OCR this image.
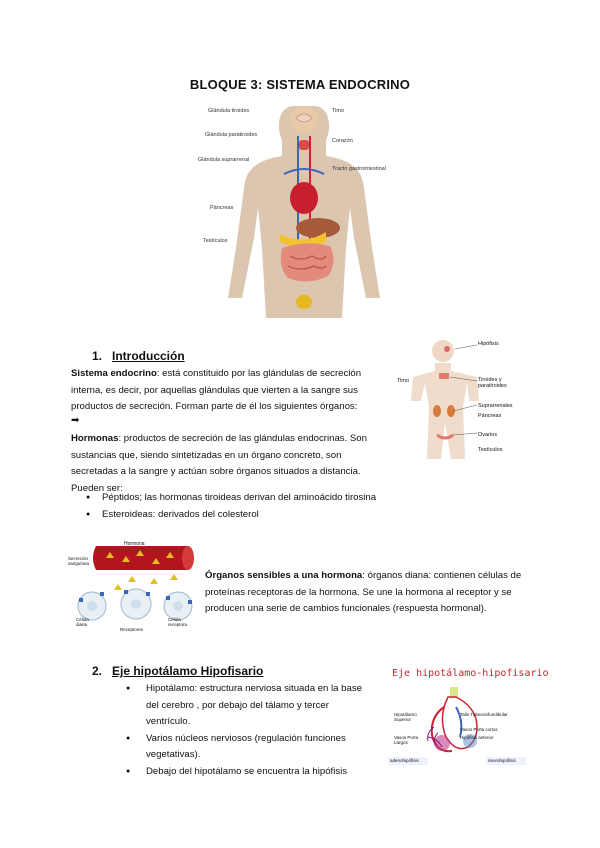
BLOQUE 3: SISTEMA ENDOCRINO
Glándula tiroides
Glándula paratiroides
Glándula suprarrenal
Páncreas
Testículos
Timo
Corazón
Tracto gastrointestinal
1. Introducción
Sistema endocrino: está constituido por las glándulas de secreción interna, es decir, por aquellas glándulas que vierten a la sangre sus productos de secreción. Forman parte de él los siguientes órganos:
➡
Hipófisis
Timo	Tiroides y paratiroides
Suprarrenales
Páncreas
Ovarios
Testículos
Hormonas: productos de secreción de las glándulas endocrinas. Son sustancias que, siendo sintetizadas en un órgano concreto, son secretadas a la sangre y actúan sobre órganos situados a distancia. Pueden ser:
● Péptidos; las hormonas tiroideas derivan del aminoácido tirosina
● Esteroideas: derivados del colesterol
Hormona
Secreción sanguínea
Célula diana
Receptores
Célula receptora
Órganos sensibles a una hormona: órganos diana: contienen células de proteínas receptoras de la hormona. Se une la hormona al receptor y se producen una serie de cambios funcionales (respuesta hormonal).
2. Eje hipotálamo Hipofisario
● Hipotálamo: estructura nerviosa situada en la base del cerebro , por debajo del tálamo y tercer ventrículo.
● Varios núcleos nerviosos (regulación funciones vegetativas).
● Debajo del hipotálamo se encuentra la hipófisis
Eje hipotálamo-hipofisario
Hipotálamo Superior
Vasos Porta Largos
Tallo Tuberoinfundibular
Vasos Porta cortos
Hipófisis anterior
adenohipófisis	neurohipófisis
